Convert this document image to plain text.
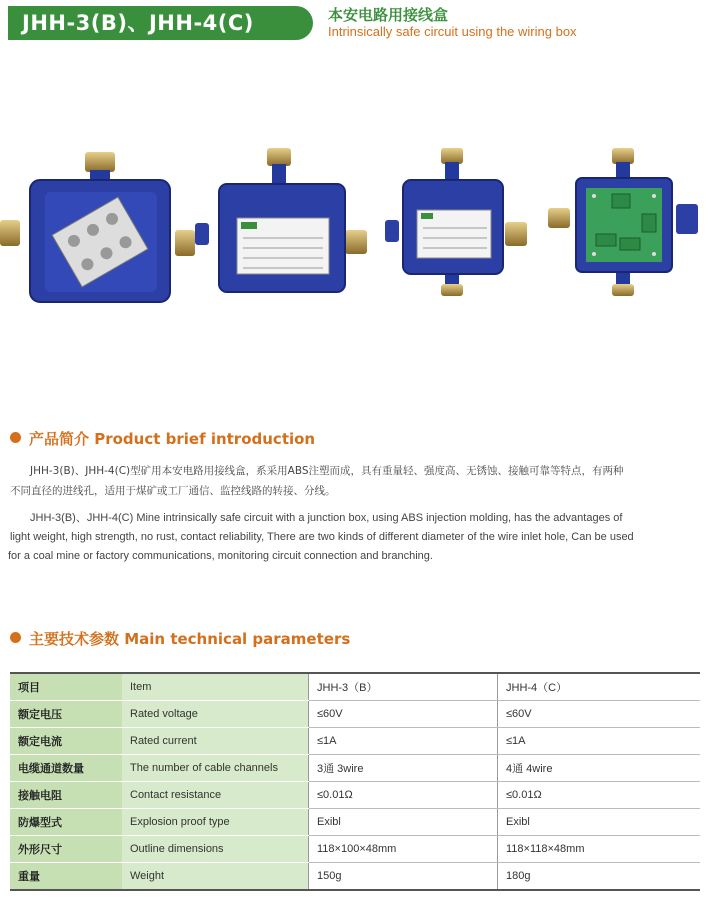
JHH-3(B)、JHH-4(C)	本安电路用接线盒
Intrinsically safe circuit using the wiring box
产品简介 Product brief introduction
JHH-3(B)、JHH-4(C)型矿用本安电路用接线盒，系采用ABS注塑而成，具有重量轻、强度高、无锈蚀、接触可靠等特点，有两种
不同直径的进线孔，适用于煤矿或工厂通信、监控线路的转接、分线。
JHH-3(B)、JHH-4(C) Mine intrinsically safe circuit with a junction box, using ABS injection molding, has the advantages of
light weight, high strength, no rust, contact reliability, There are two kinds of different diameter of the wire inlet hole, Can be used
for a coal mine or factory communications, monitoring circuit connection and branching.
主要技术参数 Main technical parameters
项目	Item	JHH-3（B）	JHH-4（C）
额定电压	Rated voltage	≤60V	≤60V
额定电流	Rated current	≤1A	≤1A
电缆通道数量	The number of cable channels	3通 3wire	4通 4wire
接触电阻	Contact resistance	≤0.01Ω	≤0.01Ω
防爆型式	Explosion proof type	Exibl	Exibl
外形尺寸	Outline dimensions	118×100×48mm	118×118×48mm
重量	Weight	150g	180g
